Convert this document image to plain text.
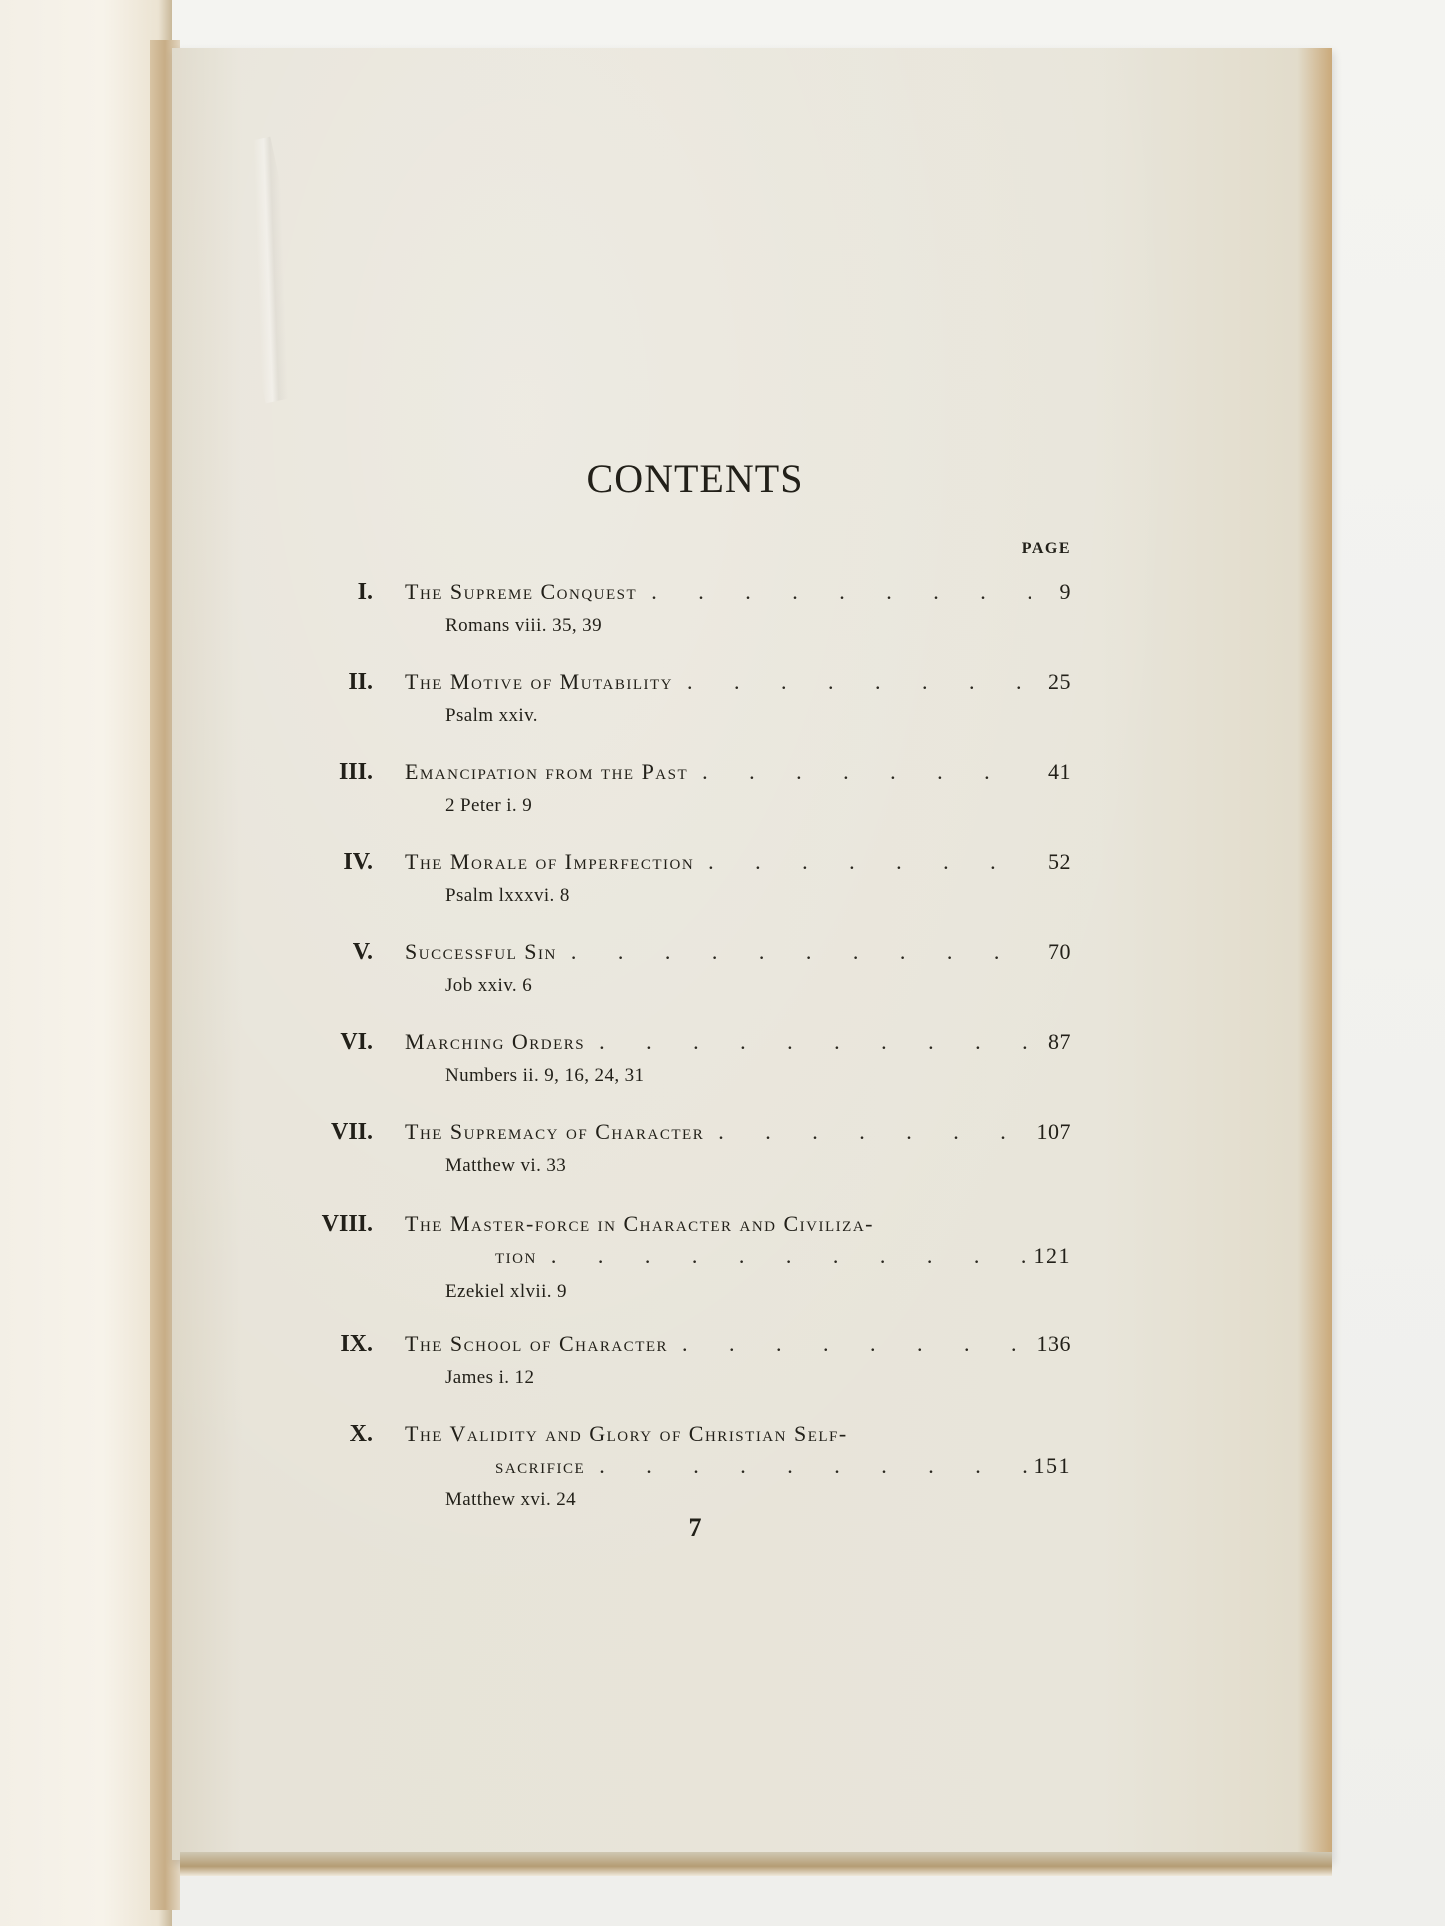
CONTENTS
PAGE
I. The Supreme Conquest . . .	9
Romans viii. 35, 39
II. The Motive of Mutability . . .	25
Psalm xxiv.
III. Emancipation from the Past . . .	41
2 Peter i. 9
IV. The Morale of Imperfection . . .	52
Psalm lxxxvi. 8
V. Successful Sin . . .	70
Job xxiv. 6
VI. Marching Orders . . .	87
Numbers ii. 9, 16, 24, 31
VII. The Supremacy of Character . . .	107
Matthew vi. 33
VIII. The Master-force in Character and Civiliza-
tion . . .	121
Ezekiel xlvii. 9
IX. The School of Character . . .	136
James i. 12
X. The Validity and Glory of Christian Self-
sacrifice . . .	151
Matthew xvi. 24
7
